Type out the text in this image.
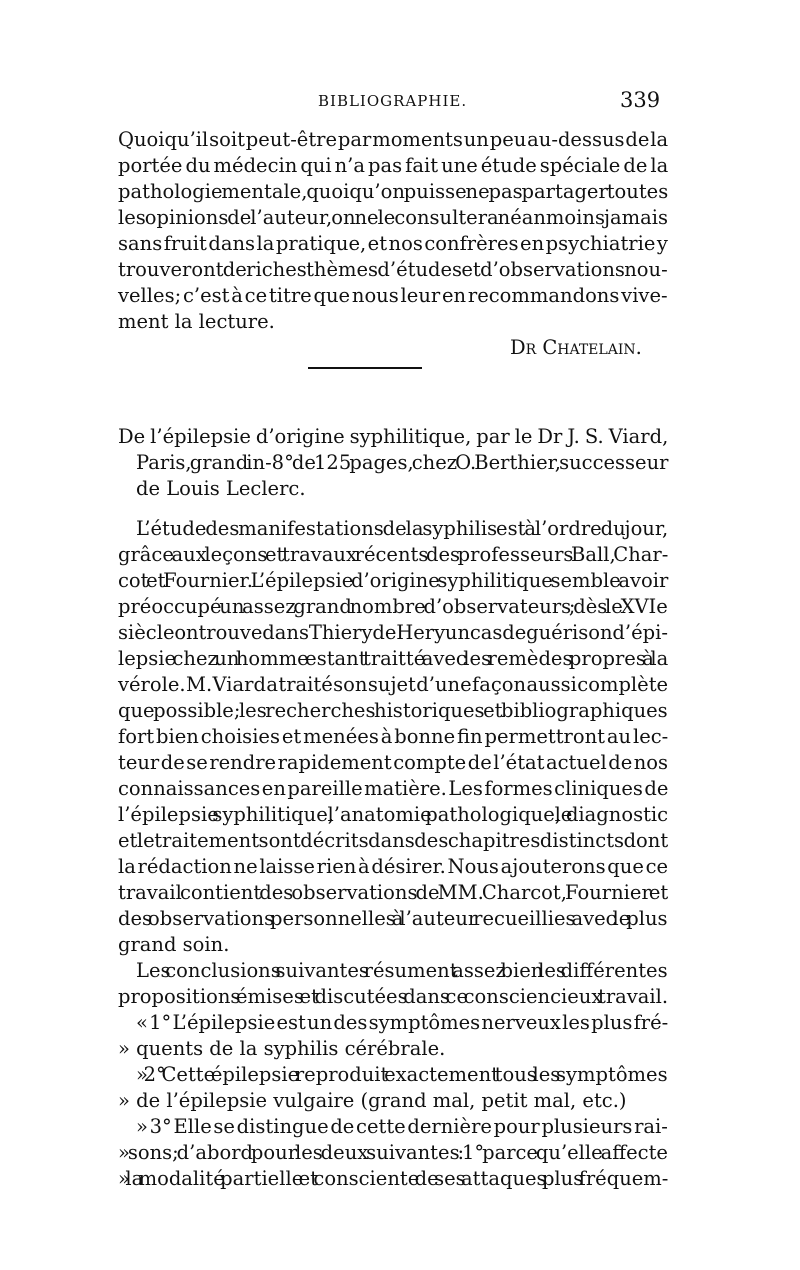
BIBLIOGRAPHIE.	339
Quoiqu’il soit peut-être par moments un peu au-dessus de la
portée du médecin qui n’a pas fait une étude spéciale de la
pathologie mentale, quoiqu’on puisse ne pas partager toutes
les opinions de l’auteur, on ne le consultera néanmoins jamais
sans fruit dans la pratique, et nos confrères en psychiatrie y
trouveront de riches thèmes d’études et d’observations nou-
velles; c’est à ce titre que nous leur en recommandons vive-
ment la lecture.
Dr Chatelain.
De l’épilepsie d’origine syphilitique, par le Dr J. S. Viard,
Paris, grand in-8° de 125 pages, chez O. Berthier, successeur
de Louis Leclerc.
L’étude des manifestations de la syphilis est à l’ordre du jour,
grâce aux leçons et travaux récents des professeurs Ball, Char-
cot et Fournier. L’épilepsie d’origine syphilitique semble avoir
préoccupé un assez grand nombre d’observateurs ; dès le XVIe
siècle on trouve dans Thiery de Hery un cas de guérison d’épi-
lepsie chez un homme estant traitté avec les remèdes propres à la
vérole. M. Viard a traité son sujet d’une façon aussi complète
que possible; les recherches historiques et bibliographiques
fort bien choisies et menées à bonne fin permettront au lec-
teur de se rendre rapidement compte de l’état actuel de nos
connaissances en pareille matière. Les formes cliniques de
l’épilepsie syphilitique, l’anatomie pathologique, le diagnostic
et le traitement sont décrits dans des chapitres distincts dont
la rédaction ne laisse rien à désirer. Nous ajouterons que ce
travail contient des observations de MM. Charcot, Fournier et
des observations personnelles à l’auteur recueillies avec le plus
grand soin.
Les conclusions suivantes résument assez bien les différentes
propositions émises et discutées dans ce consciencieux travail.
« 1° L’épilepsie est un des symptômes nerveux les plus fré-
» quents de la syphilis cérébrale.
» 2° Cette épilepsie reproduit exactement tous les symptômes
» de l’épilepsie vulgaire (grand mal, petit mal, etc.)
» 3° Elle se distingue de cette dernière pour plusieurs rai-
» sons; d’abord pour les deux suivantes : 1° parce qu’elle affecte
» la modalité partielle et consciente de ses attaques plus fréquem-
